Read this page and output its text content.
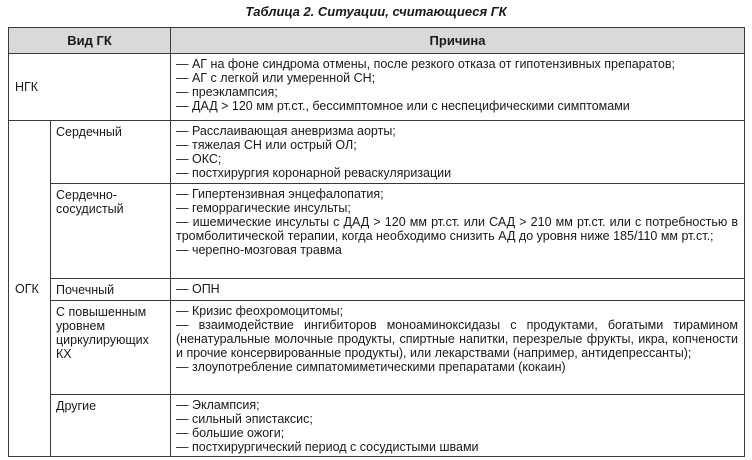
Таблица 2. Ситуации, считающиеся ГК
Вид ГК		Причина
НГК		— АГ на фоне синдрома отмены, после резкого отказа от гипотензивных препаратов;
— АГ с легкой или умеренной СН;
— преэклампсия;
— ДАД > 120 мм рт.ст., бессимптомное или с неспецифическими симптомами

ОГК	Сердечный	— Расслаивающая аневризма аорты;
— тяжелая СН или острый ОЛ;
— ОКС;
— постхирургия коронарной реваскуляризации

	Сердечно-сосудистый	— Гипертензивная энцефалопатия;
— геморрагические инсульты;
— ишемические инсульты с ДАД > 120 мм рт.ст. или САД > 210 мм рт.ст. или с потребностью в тромболитической терапии, когда необходимо снизить АД до уровня ниже 185/110 мм рт.ст.;
— черепно-мозговая травма

	Почечный	— ОПН

	С повышенным уровнем циркулирующих КХ	— Кризис феохромоцитомы;
— взаимодействие ингибиторов моноаминоксидазы с продуктами, богатыми тирамином (ненатуральные молочные продукты, спиртные напитки, перезрелые фрукты, икра, копчености и прочие консервированные продукты), или лекарствами (например, антидепрессанты);
— злоупотребление симпатомиметическими препаратами (кокаин)

	Другие	— Эклампсия;
— сильный эпистаксис;
— большие ожоги;
— постхирургический период с сосудистыми швами
